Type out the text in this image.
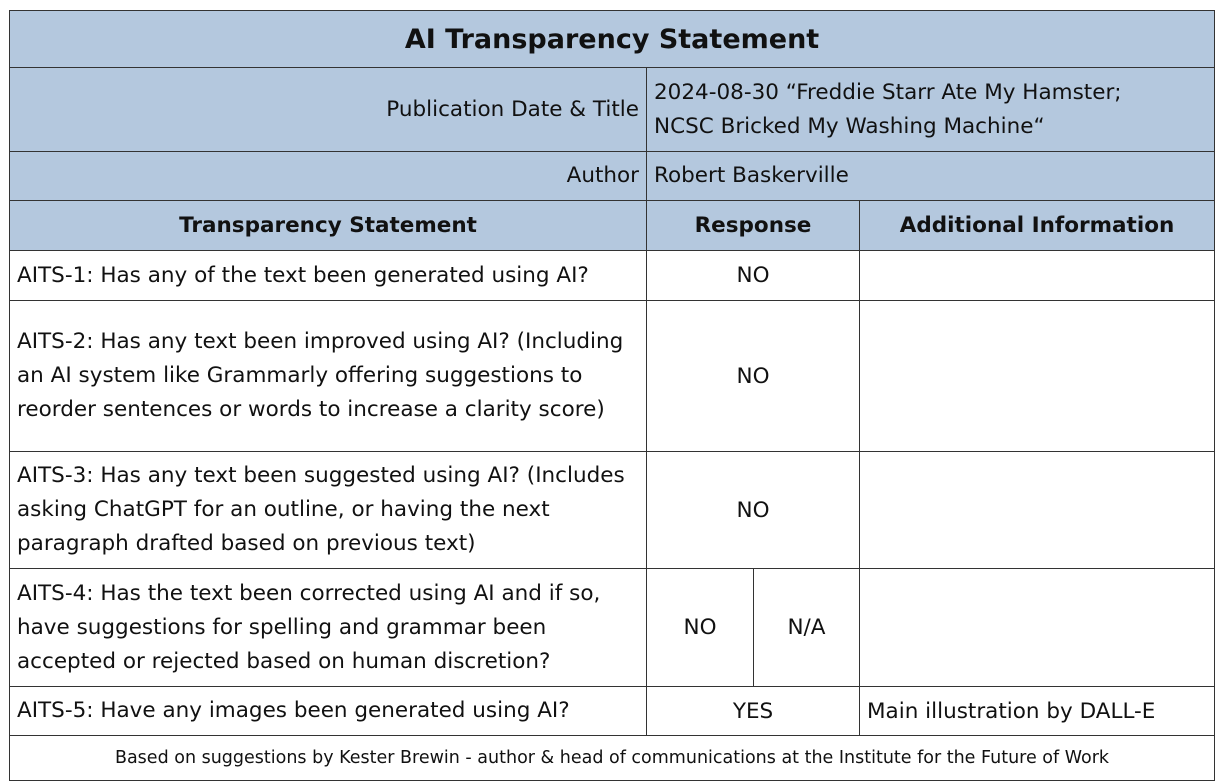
AI Transparency Statement			
Publication Date & Title	2024-08-30 “Freddie Starr Ate My Hamster;
NCSC Bricked My Washing Machine“		

Author	Robert Baskerville		
Transparency Statement	Response		Additional Information
AITS-1: Has any of the text been generated using AI?	NO		
AITS-2: Has any text been improved using AI? (Including an AI system like Grammarly offering suggestions to reorder sentences or words to increase a clarity score)	NO		
AITS-3: Has any text been suggested using AI? (Includes asking ChatGPT for an outline, or having the next paragraph drafted based on previous text)	NO		
AITS-4: Has the text been corrected using AI and if so, have suggestions for spelling and grammar been accepted or rejected based on human discretion?	NO	N/A	
AITS-5: Have any images been generated using AI?	YES		Main illustration by DALL-E
Based on suggestions by Kester Brewin - author & head of communications at the Institute for the Future of Work			
